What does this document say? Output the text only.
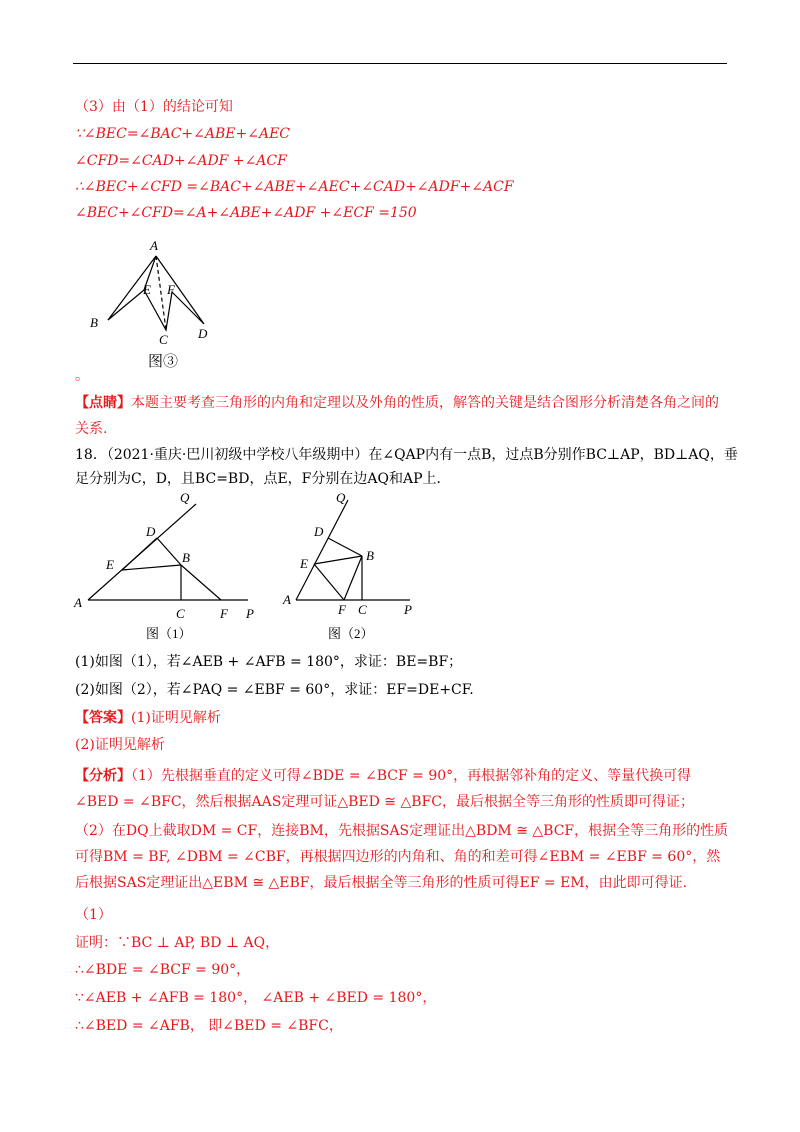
（3）由（1）的结论可知
∵∠BEC=∠BAC+∠ABE+∠AEC
∠CFD=∠CAD+∠ADF +∠ACF
∴∠BEC+∠CFD =∠BAC+∠ABE+∠AEC+∠CAD+∠ADF+∠ACF
∠BEC+∠CFD=∠A+∠ABE+∠ADF +∠ECF =150
A
B
E F
C D
图③
。
【点睛】本题主要考查三角形的内角和定理以及外角的性质，解答的关键是结合图形分析清楚各角之间的关系.
18．（2021·重庆·巴川初级中学校八年级期中）在∠QAP内有一点B，过点B分别作BC⊥AP，BD⊥AQ，垂
足分别为C，D，且BC=BD，点E，F分别在边AQ和AP上．
Q
D
E	B
A
C	F P
图（1）
Q
D
E
B
A
F C	P
图（2）
(1)如图（1），若∠AEB + ∠AFB = 180°，求证：BE=BF；
(2)如图（2），若∠PAQ = ∠EBF = 60°，求证：EF=DE+CF.
【答案】(1)证明见解析
(2)证明见解析
【分析】（1）先根据垂直的定义可得∠BDE = ∠BCF = 90°，再根据邻补角的定义、等量代换可得∠BED = ∠BFC，然后根据AAS定理可证△BED ≅ △BFC，最后根据全等三角形的性质即可得证；
（2）在DQ上截取DM = CF，连接BM，先根据SAS定理证出△BDM ≅ △BCF，根据全等三角形的性质可得BM = BF, ∠DBM = ∠CBF，再根据四边形的内角和、角的和差可得∠EBM = ∠EBF = 60°，然后根据SAS定理证出△EBM ≅ △EBF，最后根据全等三角形的性质可得EF = EM，由此即可得证.
（1）
证明：∵BC ⊥ AP, BD ⊥ AQ，
∴∠BDE = ∠BCF = 90°，
∵∠AEB + ∠AFB = 180°， ∠AEB + ∠BED = 180°，
∴∠BED = ∠AFB， 即∠BED = ∠BFC，
